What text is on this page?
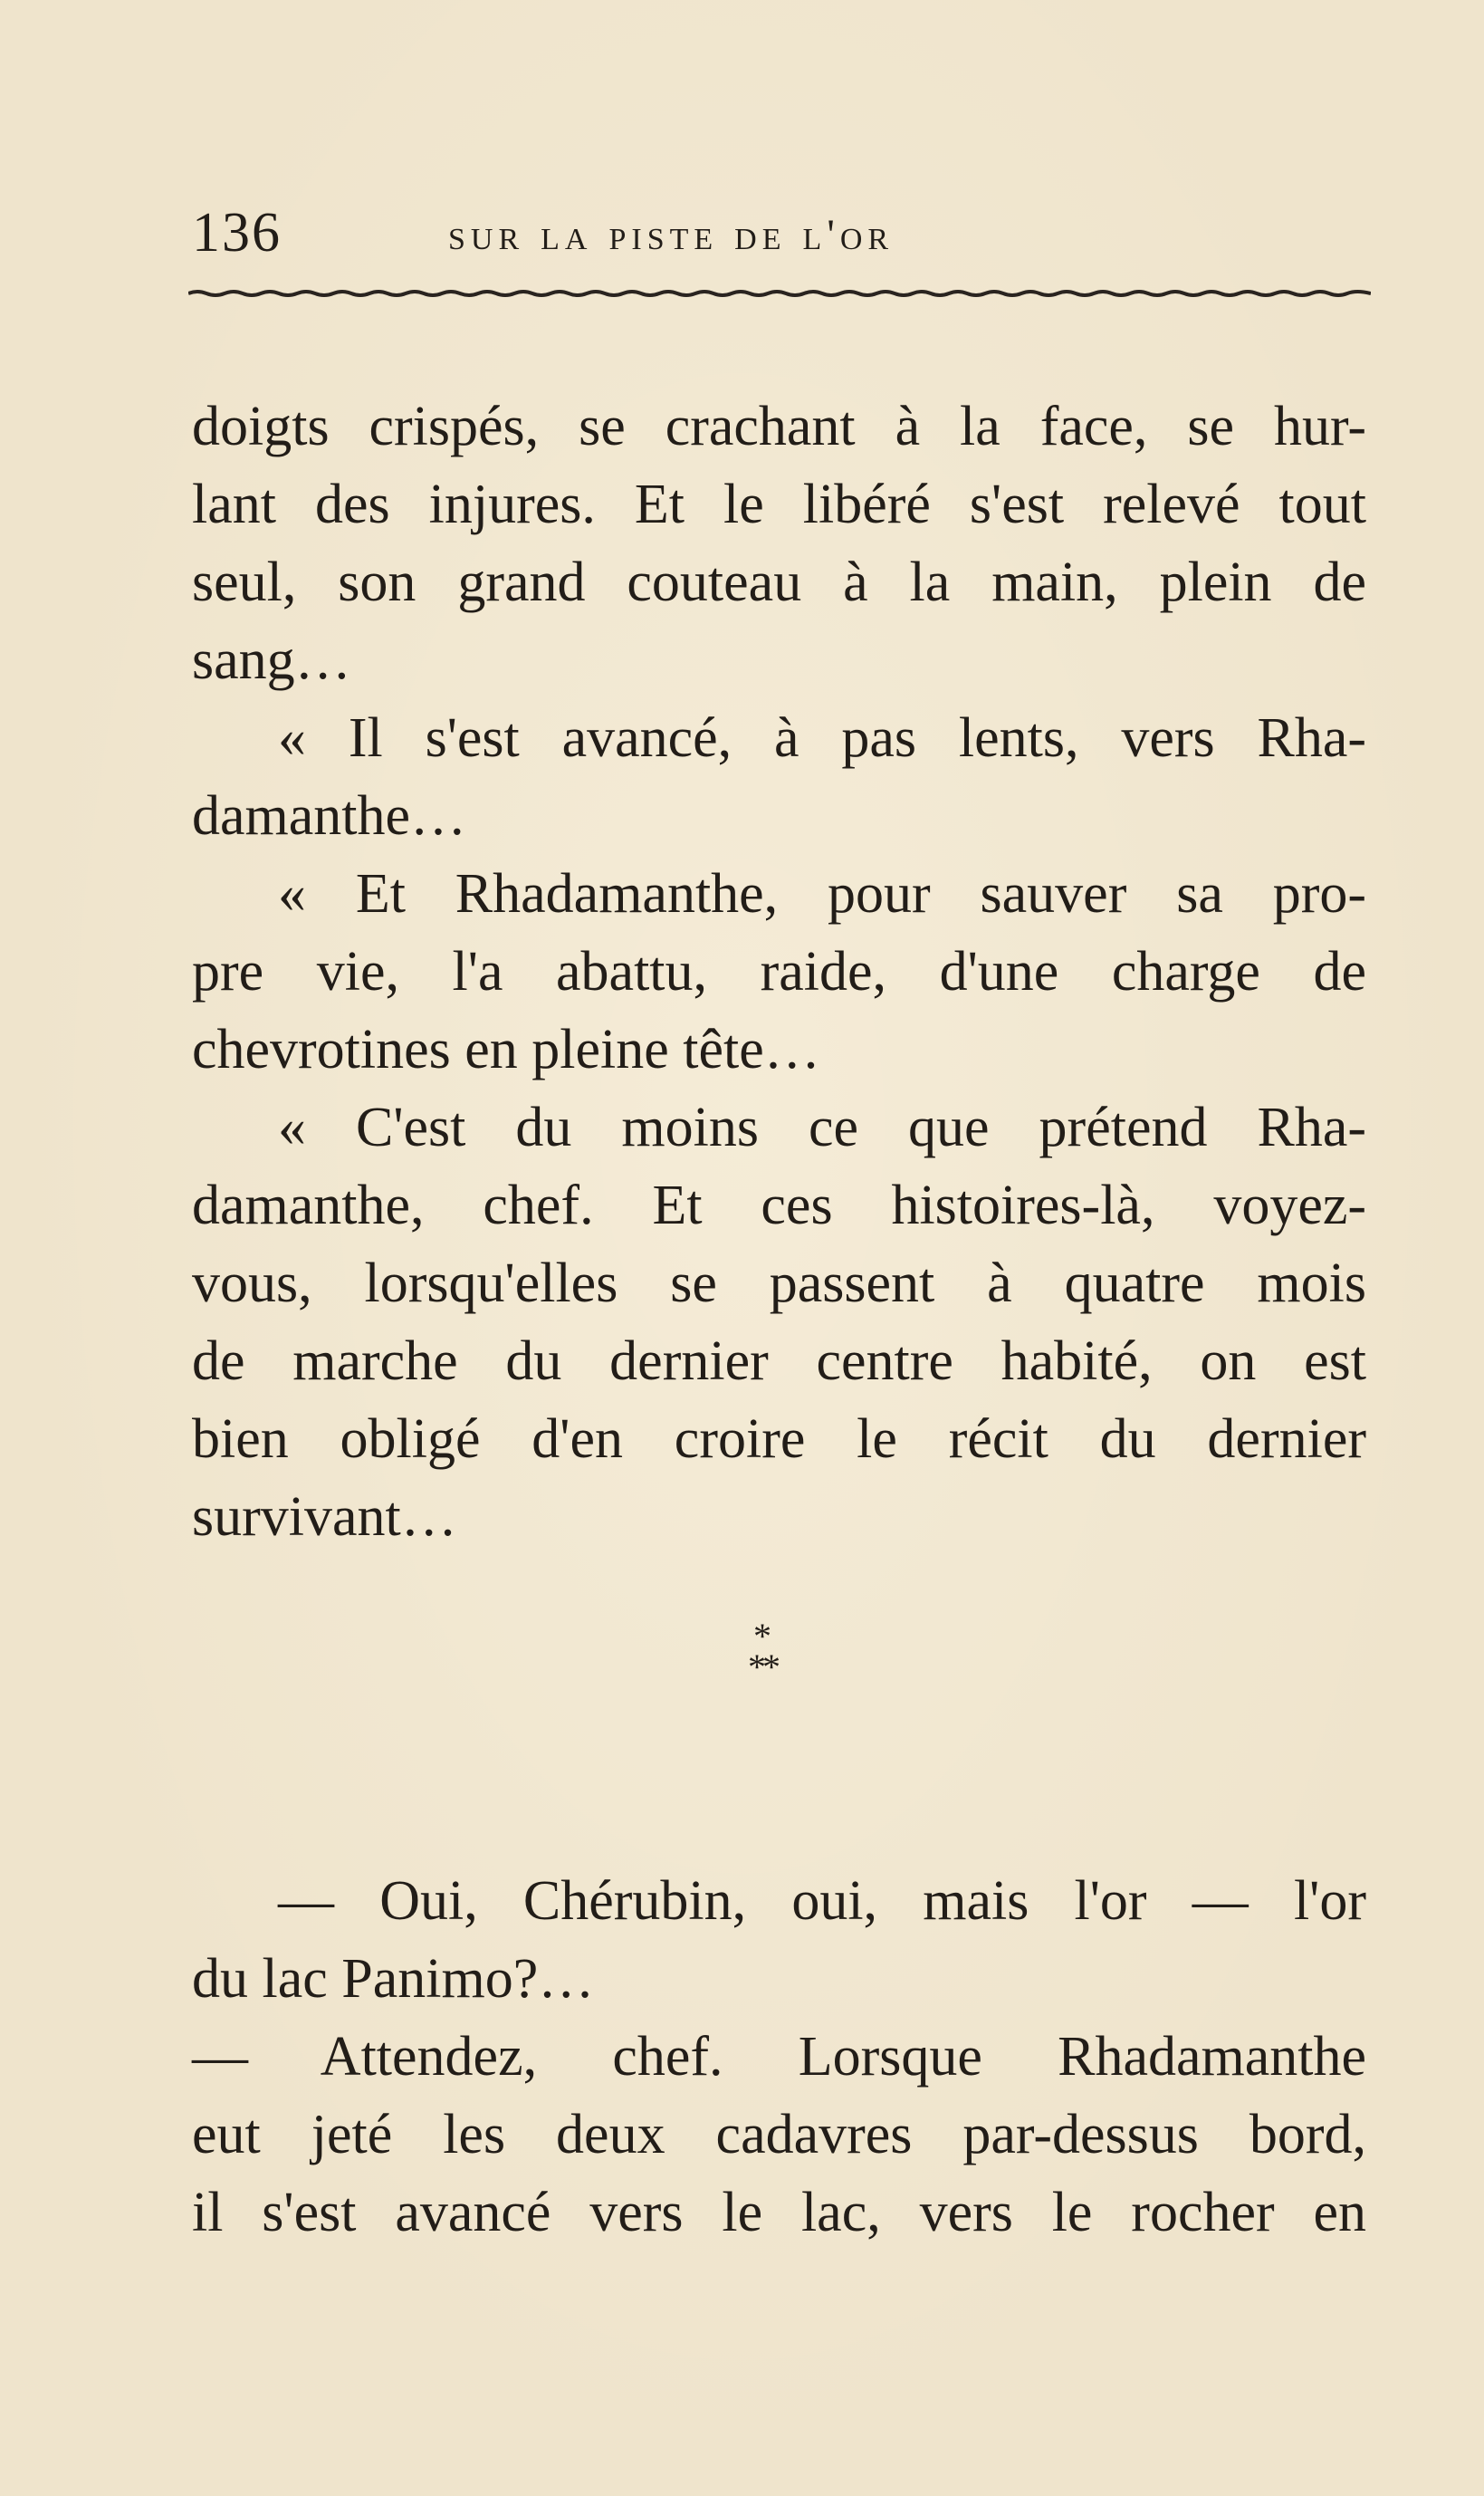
136	sur la piste de l'or
doigts crispés, se crachant à la face, se hur-
lant des injures. Et le libéré s'est relevé tout
seul, son grand couteau à la main, plein de
sang…
« Il s'est avancé, à pas lents, vers Rha-
damanthe…
« Et Rhadamanthe, pour sauver sa pro-
pre vie, l'a abattu, raide, d'une charge de
chevrotines en pleine tête…
« C'est du moins ce que prétend Rha-
damanthe, chef. Et ces histoires-là, voyez-
vous, lorsqu'elles se passent à quatre mois
de marche du dernier centre habité, on est
bien obligé d'en croire le récit du dernier
survivant…
*
**
— Oui, Chérubin, oui, mais l'or — l'or
du lac Panimo?…
— Attendez, chef. Lorsque Rhadamanthe
eut jeté les deux cadavres par-dessus bord,
il s'est avancé vers le lac, vers le rocher en
